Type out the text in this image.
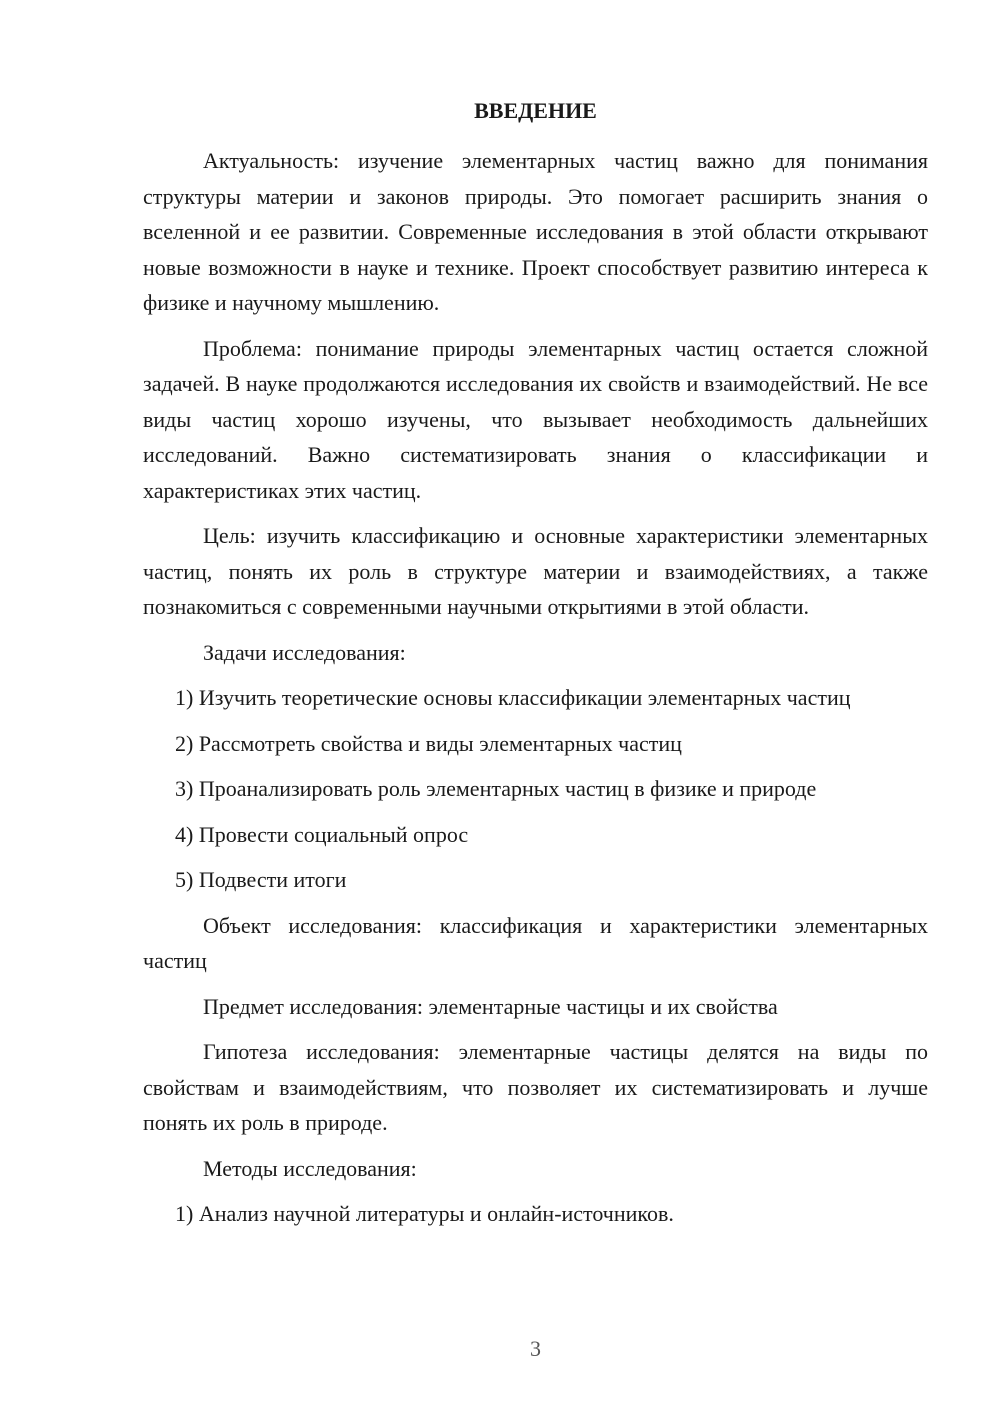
ВВЕДЕНИЕ

Актуальность: изучение элементарных частиц важно для понимания структуры материи и законов природы. Это помогает расширить знания о вселенной и ее развитии. Современные исследования в этой области открывают новые возможности в науке и технике. Проект способствует развитию интереса к физике и научному мышлению.

Проблема: понимание природы элементарных частиц остается сложной задачей. В науке продолжаются исследования их свойств и взаимодействий. Не все виды частиц хорошо изучены, что вызывает необходимость дальнейших исследований. Важно систематизировать знания о классификации и характеристиках этих частиц.

Цель: изучить классификацию и основные характеристики элементарных частиц, понять их роль в структуре материи и взаимодействиях, а также познакомиться с современными научными открытиями в этой области.

Задачи исследования:

1) Изучить теоретические основы классификации элементарных частиц

2) Рассмотреть свойства и виды элементарных частиц

3) Проанализировать роль элементарных частиц в физике и природе

4) Провести социальный опрос

5) Подвести итоги

Объект исследования: классификация и характеристики элементарных частиц

Предмет исследования: элементарные частицы и их свойства

Гипотеза исследования: элементарные частицы делятся на виды по свойствам и взаимодействиям, что позволяет их систематизировать и лучше понять их роль в природе.

Методы исследования:

1) Анализ научной литературы и онлайн-источников.

3
